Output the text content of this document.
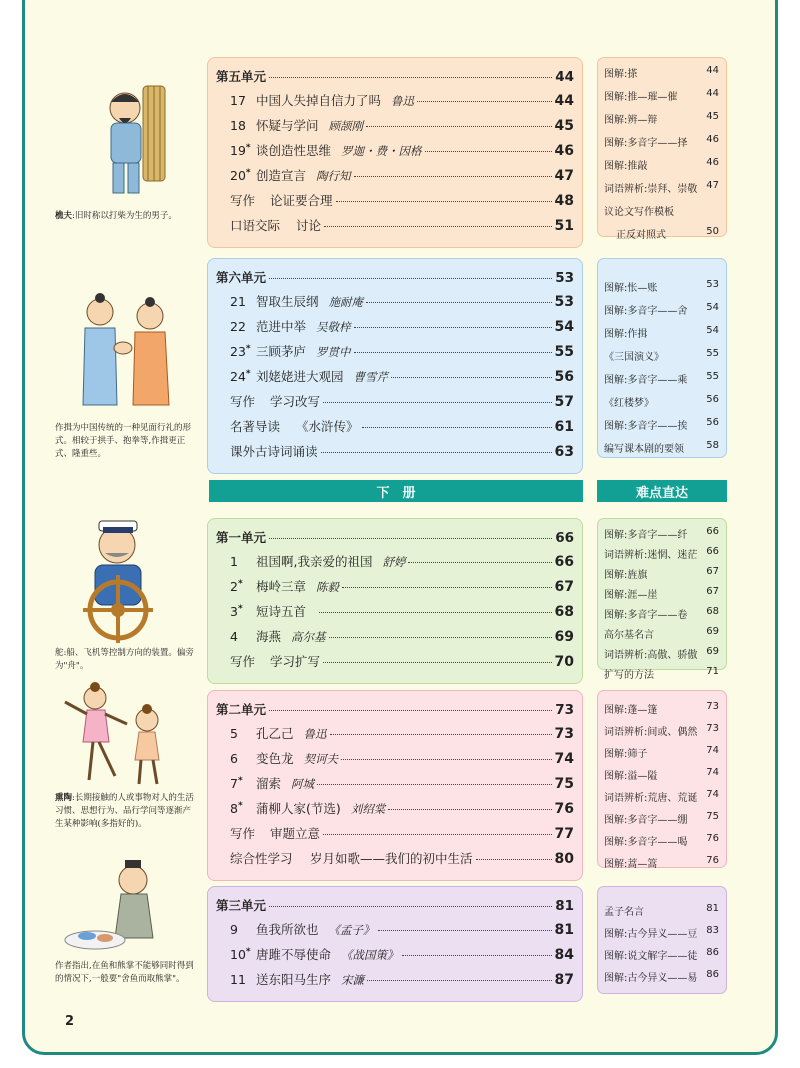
樵夫:旧时称以打柴为生的男子。
作揖为中国传统的一种见面行礼的形式。相较于拱手、抱拳等,作揖更正式、隆重些。
舵:船、飞机等控制方向的装置。偏旁为"舟"。
熏陶:长期接触的人或事物对人的生活习惯、思想行为、品行学问等逐渐产生某种影响(多指好的)。
作者指出,在鱼和熊掌不能够同时得到的情况下,一般要"舍鱼而取熊掌"。
第五单元	44
17 中国人失掉自信力了吗 鲁迅	44
18 怀疑与学问 顾颉刚	45
19* 谈创造性思维 罗迦・费・因格	46
20* 创造宣言 陶行知	47
写作	论证要合理	48
口语交际	讨论	51
第六单元	53
21 智取生辰纲 施耐庵	53
22 范进中举 吴敬梓	54
23* 三顾茅庐 罗贯中	55
24* 刘姥姥进大观园 曹雪芹	56
写作	学习改写	57
名著导读	《水浒传》	61
课外古诗词诵读	63
下　册	难点直达
第一单元	66
1	祖国啊,我亲爱的祖国 舒婷	66
2*	梅岭三章 陈毅	67
3*	短诗五首	68
4	海燕 高尔基	69
写作	学习扩写	70
第二单元	73
5	孔乙己 鲁迅	73
6	变色龙 契诃夫	74
7*	溜索 阿城	75
8*	蒲柳人家(节选) 刘绍棠	76
写作	审题立意	77
综合性学习	岁月如歌——我们的初中生活	80
第三单元	81
9	鱼我所欲也 《孟子》	81
10* 唐雎不辱使命 《战国策》	84
11 送东阳马生序 宋濂	87
图解:搽	44
图解:推—璀—催	44
图解:辨—辩	45
图解:多音字——择 46
图解:推敲	46
词语辨析:崇拜、崇敬 47
议论文写作模板
正反对照式	50
图解:怅—账	53
图解:多音字——舍 54
图解:作揖	54
《三国演义》	55
图解:多音字——乘 55
《红楼梦》	56
图解:多音字——挨 56
编写课本剧的要领 58
图解:多音字——纤 66
词语辨析:迷惘、迷茫 66
图解:旌旗	67
图解:涯—崖	67
图解:多音字——卷 68
高尔基名言	69
词语辨析:高傲、骄傲 69
扩写的方法	71
图解:蓬—篷	73
词语辨析:间或、偶然 73
图解:筛子	74
图解:溢—隘	74
词语辨析:荒唐、荒诞 74
图解:多音字——绷 75
图解:多音字——喝 76
图解:蒿—篙	76
孟子名言	81
图解:古今异义——豆 83
图解:说文解字——徒 86
图解:古今异义——易 86
2
